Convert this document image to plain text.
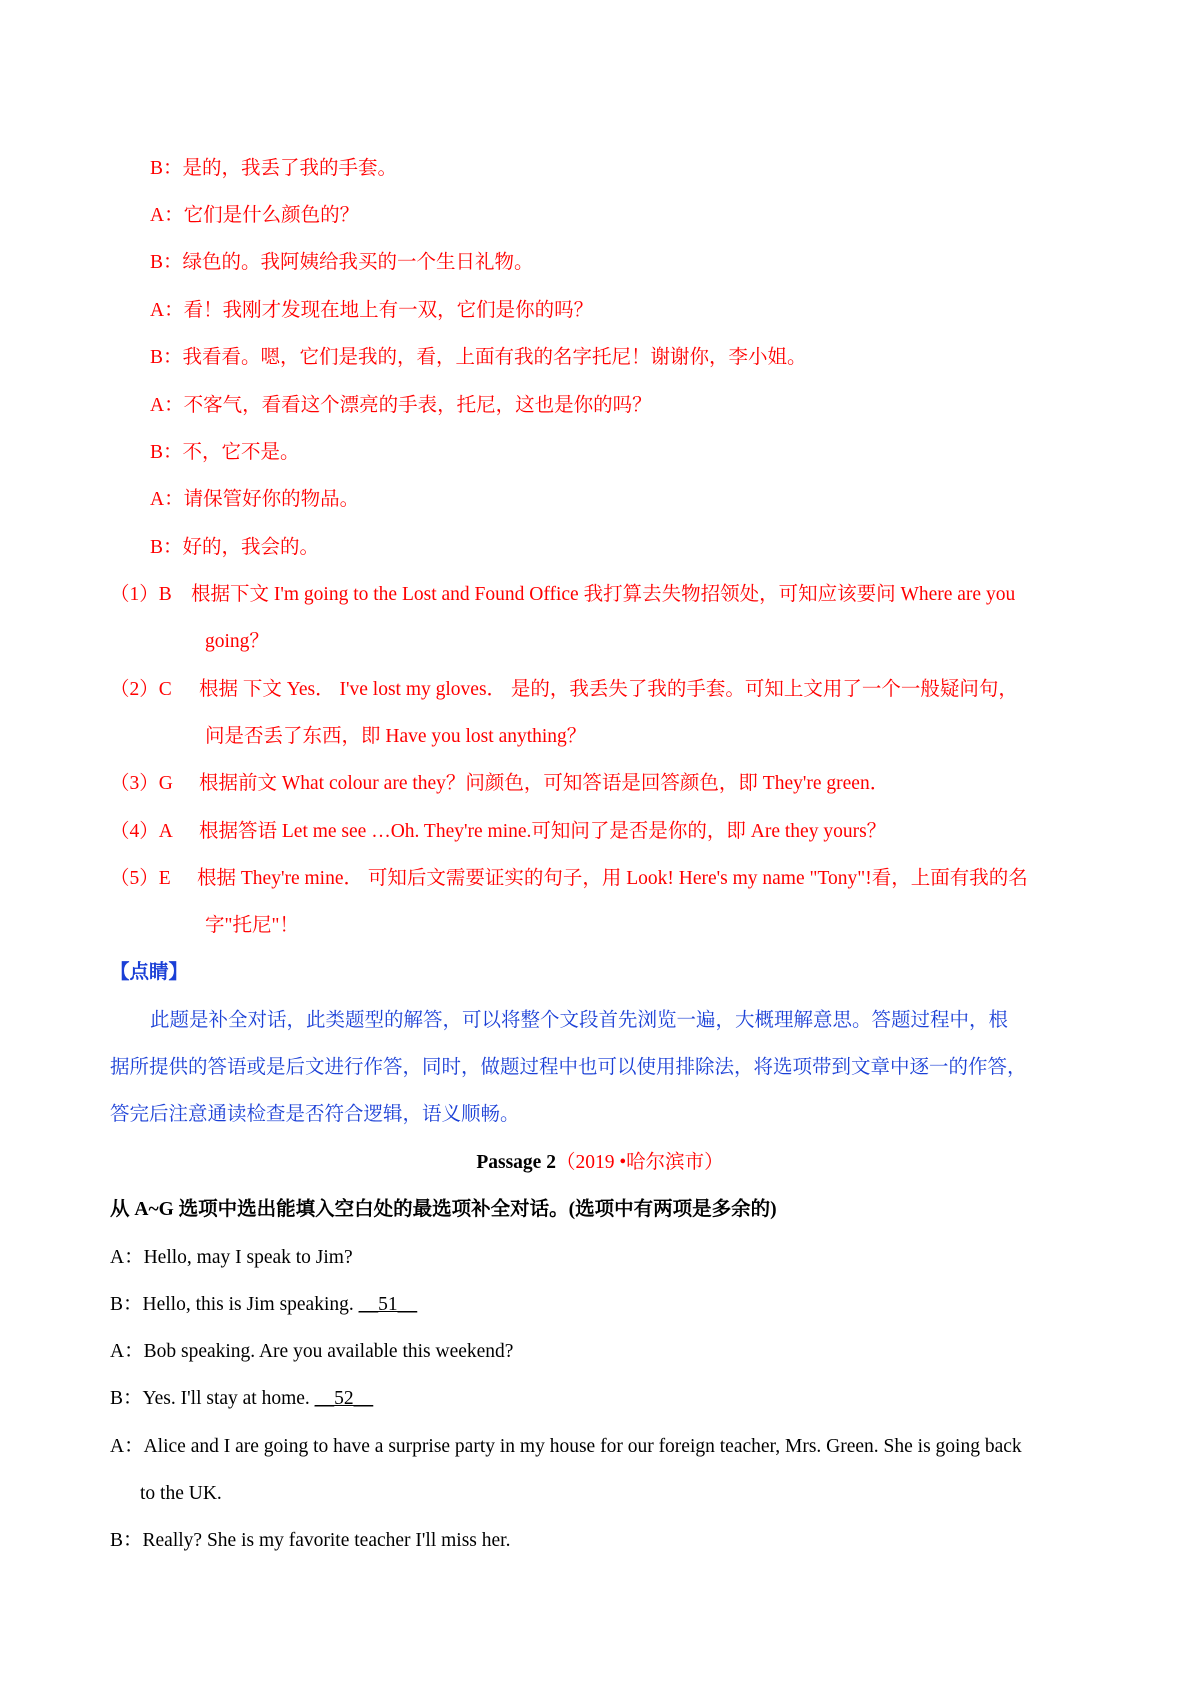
B：是的，我丢了我的手套。
A：它们是什么颜色的？
B：绿色的。我阿姨给我买的一个生日礼物。
A：看！我刚才发现在地上有一双，它们是你的吗？
B：我看看。嗯，它们是我的，看，上面有我的名字托尼！谢谢你，李小姐。
A：不客气，看看这个漂亮的手表，托尼，这也是你的吗？
B：不，它不是。
A：请保管好你的物品。
B：好的，我会的。
（1）B 根据下文 I'm going to the Lost and Found Office 我打算去失物招领处，可知应该要问 Where are you
going？
（2）C 根据 下文 Yes． I've lost my gloves． 是的，我丢失了我的手套。可知上文用了一个一般疑问句，
问是否丢了东西，即 Have you lost anything？
（3）G 根据前文 What colour are they？问颜色，可知答语是回答颜色，即 They're green．
（4）A 根据答语 Let me see …Oh. They're mine.可知问了是否是你的，即 Are they yours？
（5）E 根据 They're mine． 可知后文需要证实的句子，用 Look! Here's my name "Tony"!看，上面有我的名
字"托尼"！
【点睛】
此题是补全对话，此类题型的解答，可以将整个文段首先浏览一遍，大概理解意思。答题过程中，根
据所提供的答语或是后文进行作答，同时，做题过程中也可以使用排除法，将选项带到文章中逐一的作答，
答完后注意通读检查是否符合逻辑，语义顺畅。
Passage 2（2019 •哈尔滨市）
从 A~G 选项中选出能填入空白处的最选项补全对话。(选项中有两项是多余的)
A：Hello, may I speak to Jim?
B：Hello, this is Jim speaking. __51__
A：Bob speaking. Are you available this weekend?
B：Yes. I'll stay at home. __52__
A：Alice and I are going to have a surprise party in my house for our foreign teacher, Mrs. Green. She is going back
to the UK.
B：Really? She is my favorite teacher I'll miss her.
